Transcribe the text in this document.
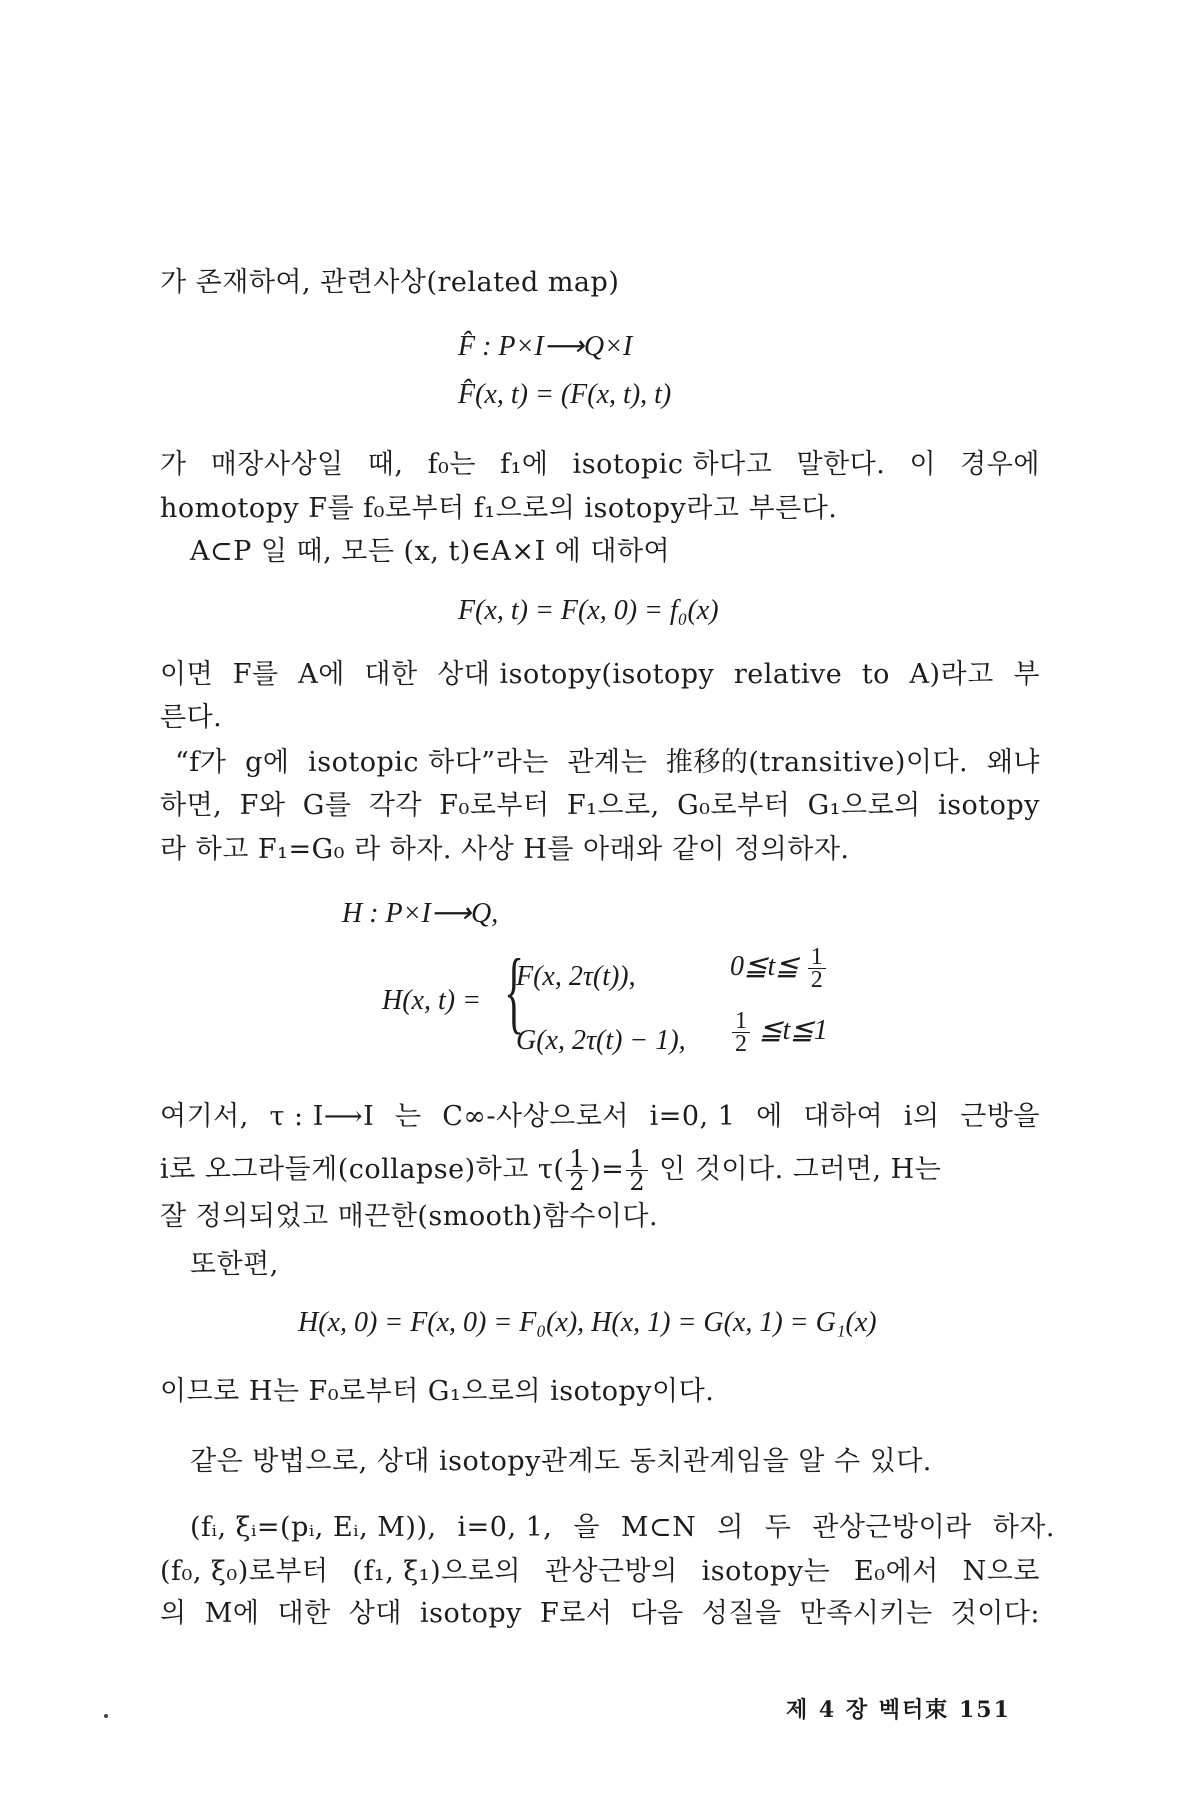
가 존재하여, 관련사상(related map)
F̂ : P×I⟶Q×I
F̂(x, t) = (F(x, t), t)
가 매장사상일 때, f₀는 f₁에 isotopic 하다고 말한다. 이 경우에
homotopy F를 f₀로부터 f₁으로의 isotopy라고 부른다.
A⊂P 일 때, 모든 (x, t)∈A×I 에 대하여
F(x, t) = F(x, 0) = f₀(x)
이면 F를 A에 대한 상대 isotopy(isotopy relative to A)라고 부
른다.
“f가 g에 isotopic 하다”라는 관계는 推移的(transitive)이다. 왜냐
하면, F와 G를 각각 F₀로부터 F₁으로, G₀로부터 G₁으로의 isotopy
라 하고 F₁=G₀ 라 하자. 사상 H를 아래와 같이 정의하자.
H : P×I⟶Q,
H(x, t) = {
F(x, 2τ(t)),	0≦t≦ $\frac{1}{2}$
G(x, 2τ(t) − 1), $\frac{1}{2}$ ≦t≦1
여기서, τ : I⟶I 는 C∞-사상으로서 i=0, 1 에 대하여 i의 근방을
i로 오그라들게(collapse)하고 $\tau( \frac{1}{2}$ )= $\frac{1}{2}$ 인 것이다. 그러면, H는
잘 정의되었고 매끈한(smooth)함수이다.
또한편,
H(x, 0) = F(x, 0) = F₀(x), H(x, 1) = G(x, 1) = G₁(x)
이므로 H는 F₀로부터 G₁으로의 isotopy이다.
같은 방법으로, 상대 isotopy관계도 동치관계임을 알 수 있다.
(fᵢ, ξᵢ=(pᵢ, Eᵢ, M)), i=0, 1, 을 M⊂N 의 두 관상근방이라 하자.
(f₀, ξ₀)로부터 (f₁, ξ₁)으로의 관상근방의 isotopy는 E₀에서 N으로
의 M에 대한 상대 isotopy F로서 다음 성질을 만족시키는 것이다:
제 4 장 벡터束 151
